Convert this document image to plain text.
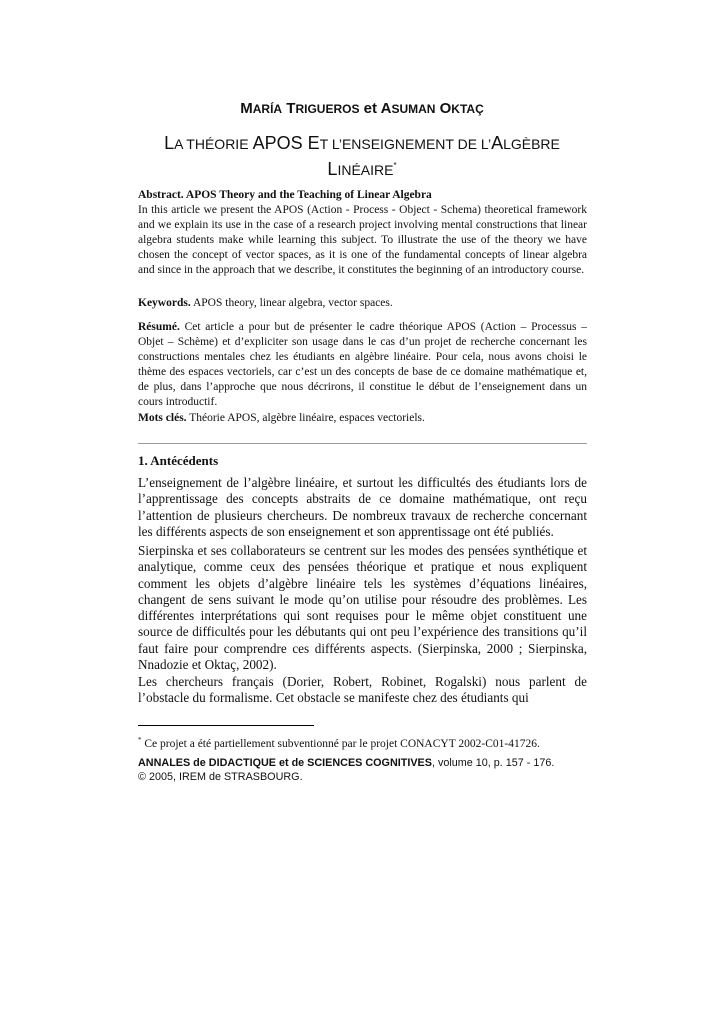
MARÍA TRIGUEROS et ASUMAN OKTAÇ
LA THÉORIE APOS ET L’ENSEIGNEMENT DE L’ALGÈBRE
LINÉAIRE*
Abstract. APOS Theory and the Teaching of Linear Algebra
In this article we present the APOS (Action - Process - Object - Schema) theoretical framework and we explain its use in the case of a research project involving mental constructions that linear algebra students make while learning this subject. To illustrate the use of the theory we have chosen the concept of vector spaces, as it is one of the fundamental concepts of linear algebra and since in the approach that we describe, it constitutes the beginning of an introductory course.
Keywords. APOS theory, linear algebra, vector spaces.
Résumé. Cet article a pour but de présenter le cadre théorique APOS (Action – Processus – Objet – Schème) et d’expliciter son usage dans le cas d’un projet de recherche concernant les constructions mentales chez les étudiants en algèbre linéaire. Pour cela, nous avons choisi le thème des espaces vectoriels, car c’est un des concepts de base de ce domaine mathématique et, de plus, dans l’approche que nous décrirons, il constitue le début de l’enseignement dans un cours introductif.
Mots clés. Théorie APOS, algèbre linéaire, espaces vectoriels.
1. Antécédents
L’enseignement de l’algèbre linéaire, et surtout les difficultés des étudiants lors de l’apprentissage des concepts abstraits de ce domaine mathématique, ont reçu l’attention de plusieurs chercheurs. De nombreux travaux de recherche concernant les différents aspects de son enseignement et son apprentissage ont été publiés.
Sierpinska et ses collaborateurs se centrent sur les modes des pensées synthétique et analytique, comme ceux des pensées théorique et pratique et nous expliquent comment les objets d’algèbre linéaire tels les systèmes d’équations linéaires, changent de sens suivant le mode qu’on utilise pour résoudre des problèmes. Les différentes interprétations qui sont requises pour le même objet constituent une source de difficultés pour les débutants qui ont peu l’expérience des transitions qu’il faut faire pour comprendre ces différents aspects. (Sierpinska, 2000 ; Sierpinska, Nnadozie et Oktaç, 2002).
Les chercheurs français (Dorier, Robert, Robinet, Rogalski) nous parlent de l’obstacle du formalisme. Cet obstacle se manifeste chez des étudiants qui
* Ce projet a été partiellement subventionné par le projet CONACYT 2002-C01-41726.
ANNALES de DIDACTIQUE et de SCIENCES COGNITIVES, volume 10, p. 157 - 176.
© 2005, IREM de STRASBOURG.
